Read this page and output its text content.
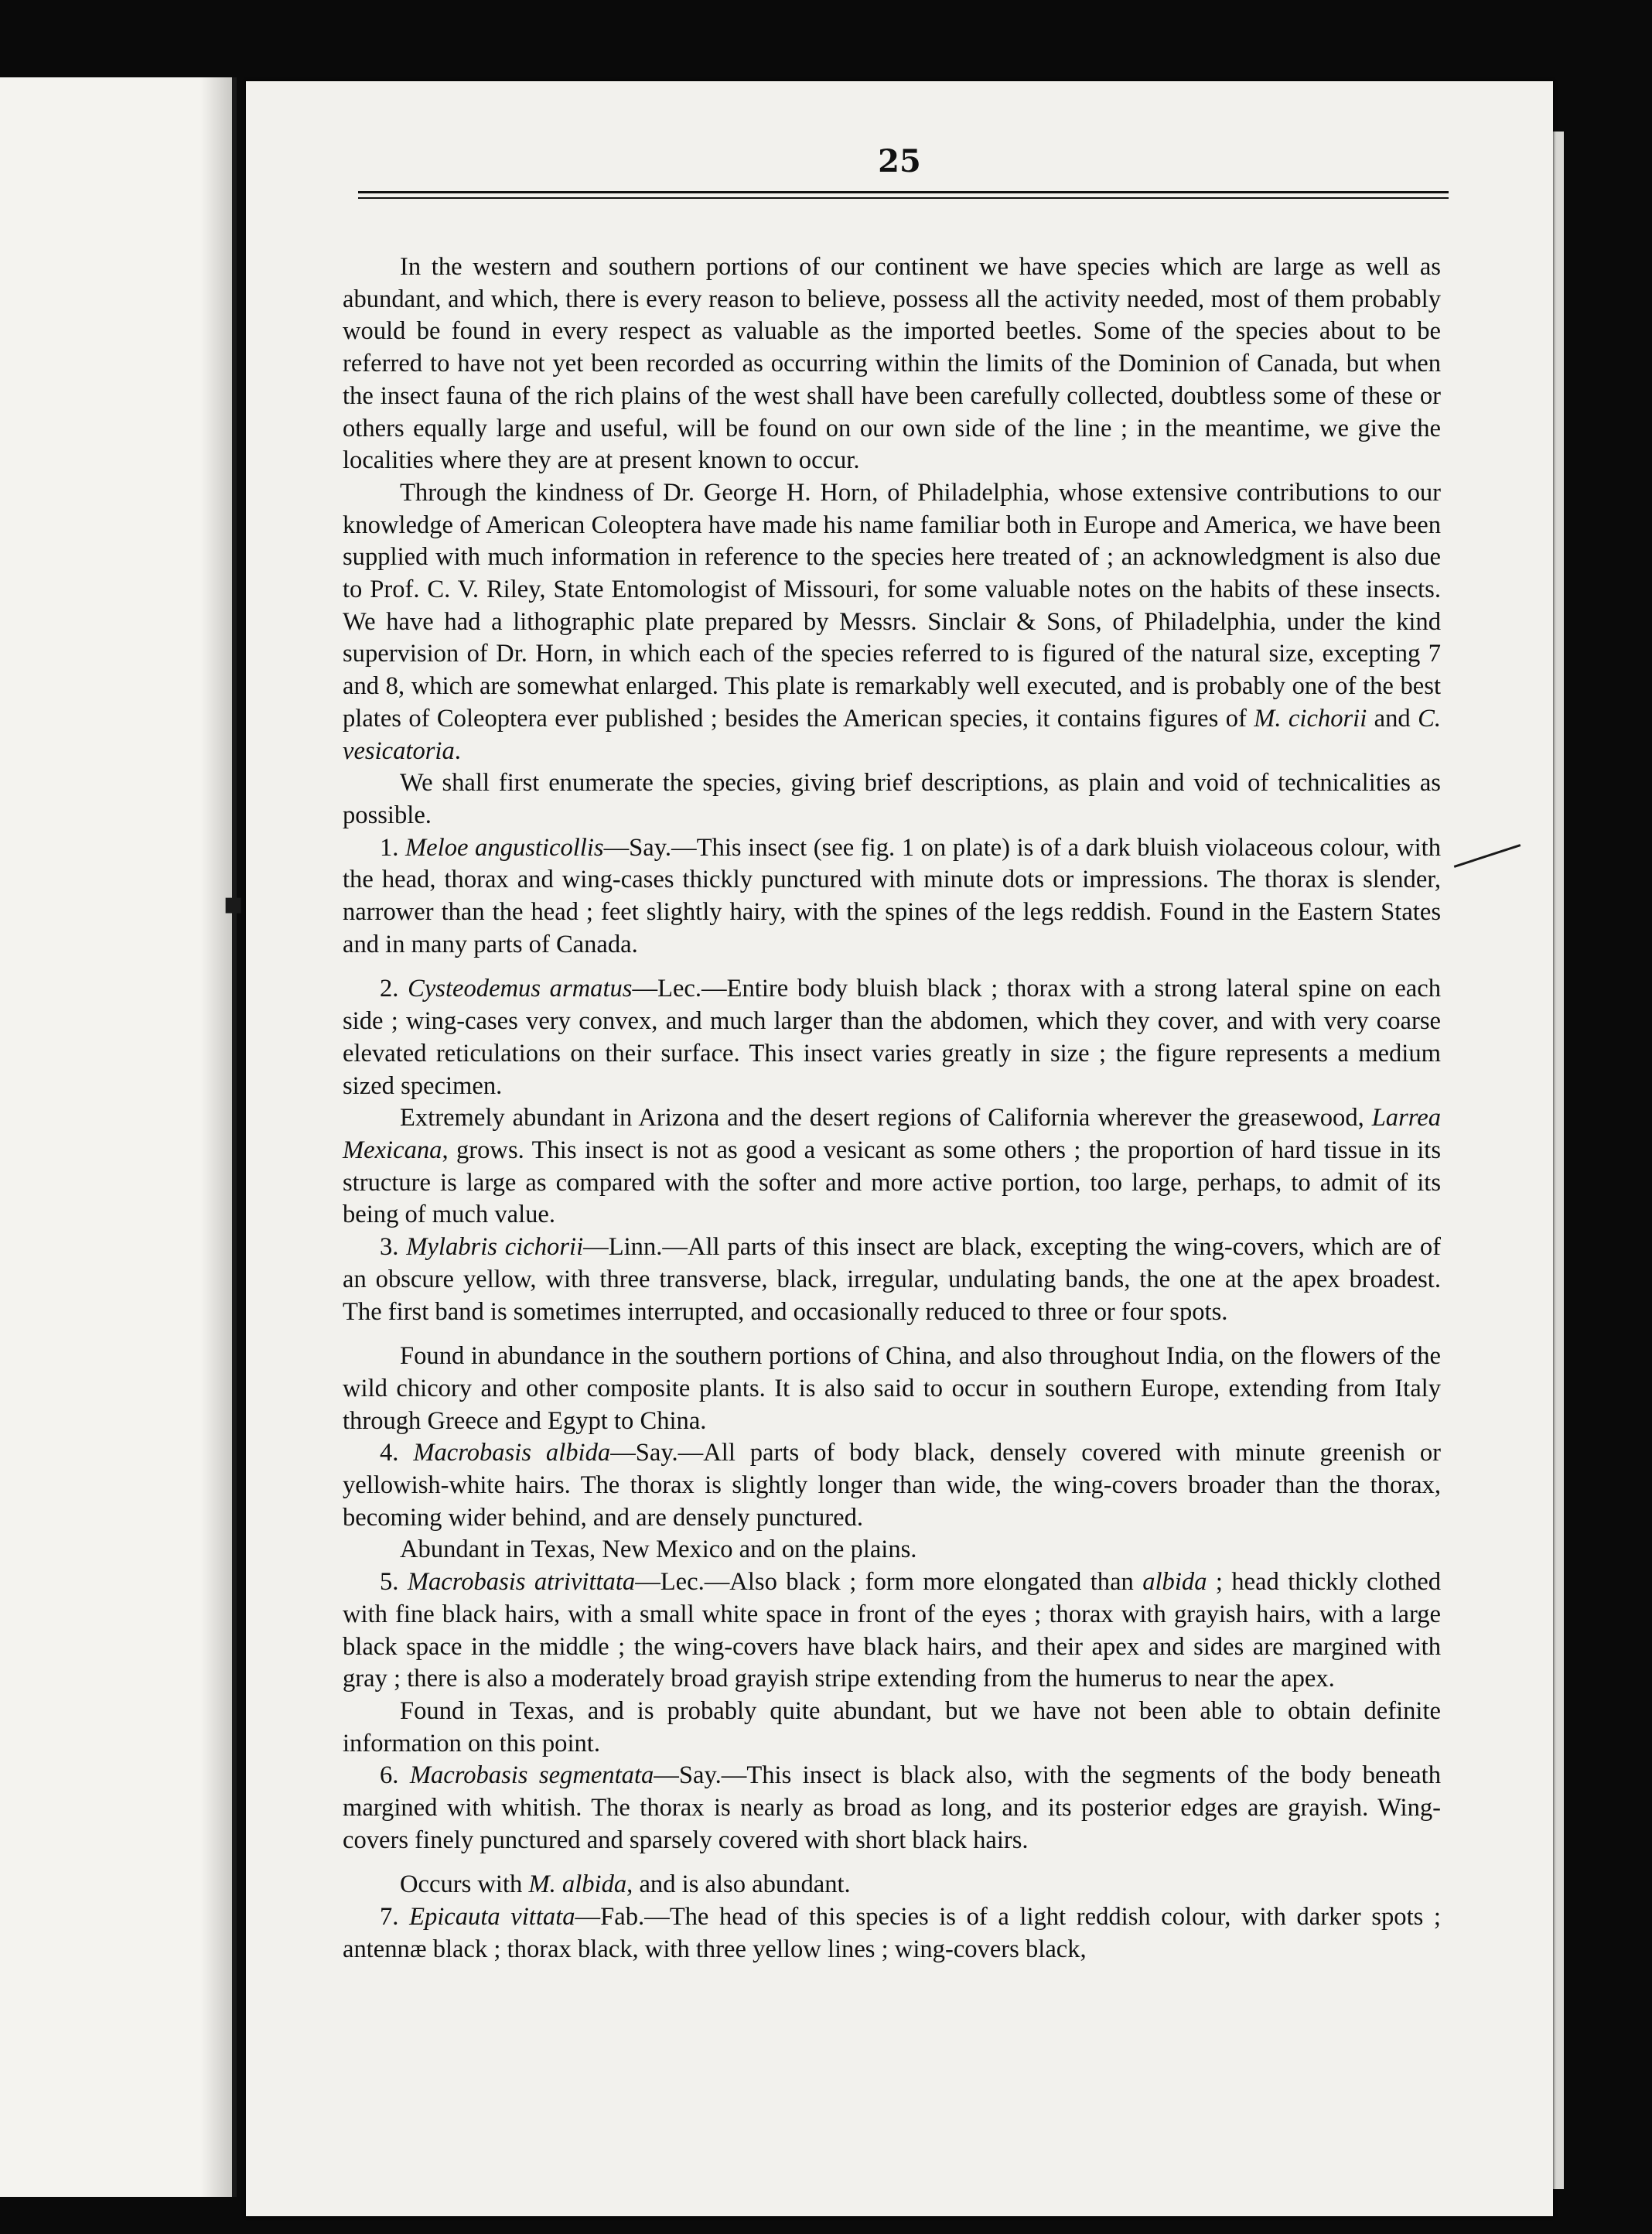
25

In the western and southern portions of our continent we have species which are large as well as abundant, and which, there is every reason to believe, possess all the activity needed, most of them probably would be found in every respect as valuable as the imported beetles. Some of the species about to be referred to have not yet been recorded as occurring within the limits of the Dominion of Canada, but when the insect fauna of the rich plains of the west shall have been carefully collected, doubtless some of these or others equally large and useful, will be found on our own side of the line ; in the meantime, we give the localities where they are at present known to occur.

Through the kindness of Dr. George H. Horn, of Philadelphia, whose extensive contributions to our knowledge of American Coleoptera have made his name familiar both in Europe and America, we have been supplied with much information in reference to the species here treated of ; an acknowledgment is also due to Prof. C. V. Riley, State Entomologist of Missouri, for some valuable notes on the habits of these insects. We have had a lithographic plate prepared by Messrs. Sinclair & Sons, of Philadelphia, under the kind supervision of Dr. Horn, in which each of the species referred to is figured of the natural size, excepting 7 and 8, which are somewhat enlarged. This plate is remarkably well executed, and is probably one of the best plates of Coleoptera ever published ; besides the American species, it contains figures of M. cichorii and C. vesicatoria.

We shall first enumerate the species, giving brief descriptions, as plain and void of technicalities as possible.

1. Meloe angusticollis—Say.—This insect (see fig. 1 on plate) is of a dark bluish violaceous colour, with the head, thorax and wing-cases thickly punctured with minute dots or impressions. The thorax is slender, narrower than the head ; feet slightly hairy, with the spines of the legs reddish. Found in the Eastern States and in many parts of Canada.

2. Cysteodemus armatus—Lec.—Entire body bluish black ; thorax with a strong lateral spine on each side ; wing-cases very convex, and much larger than the abdomen, which they cover, and with very coarse elevated reticulations on their surface. This insect varies greatly in size ; the figure represents a medium sized specimen.

Extremely abundant in Arizona and the desert regions of California wherever the greasewood, Larrea Mexicana, grows. This insect is not as good a vesicant as some others ; the proportion of hard tissue in its structure is large as compared with the softer and more active portion, too large, perhaps, to admit of its being of much value.

3. Mylabris cichorii—Linn.—All parts of this insect are black, excepting the wing-covers, which are of an obscure yellow, with three transverse, black, irregular, undulating bands, the one at the apex broadest. The first band is sometimes interrupted, and occasionally reduced to three or four spots.

Found in abundance in the southern portions of China, and also throughout India, on the flowers of the wild chicory and other composite plants. It is also said to occur in southern Europe, extending from Italy through Greece and Egypt to China.

4. Macrobasis albida—Say.—All parts of body black, densely covered with minute greenish or yellowish-white hairs. The thorax is slightly longer than wide, the wing-covers broader than the thorax, becoming wider behind, and are densely punctured.

Abundant in Texas, New Mexico and on the plains.

5. Macrobasis atrivittata—Lec.—Also black ; form more elongated than albida ; head thickly clothed with fine black hairs, with a small white space in front of the eyes ; thorax with grayish hairs, with a large black space in the middle ; the wing-covers have black hairs, and their apex and sides are margined with gray ; there is also a moderately broad grayish stripe extending from the humerus to near the apex.

Found in Texas, and is probably quite abundant, but we have not been able to obtain definite information on this point.

6. Macrobasis segmentata—Say.—This insect is black also, with the segments of the body beneath margined with whitish. The thorax is nearly as broad as long, and its posterior edges are grayish. Wing-covers finely punctured and sparsely covered with short black hairs.

Occurs with M. albida, and is also abundant.

7. Epicauta vittata—Fab.—The head of this species is of a light reddish colour, with darker spots ; antennæ black ; thorax black, with three yellow lines ; wing-covers black,

▪
